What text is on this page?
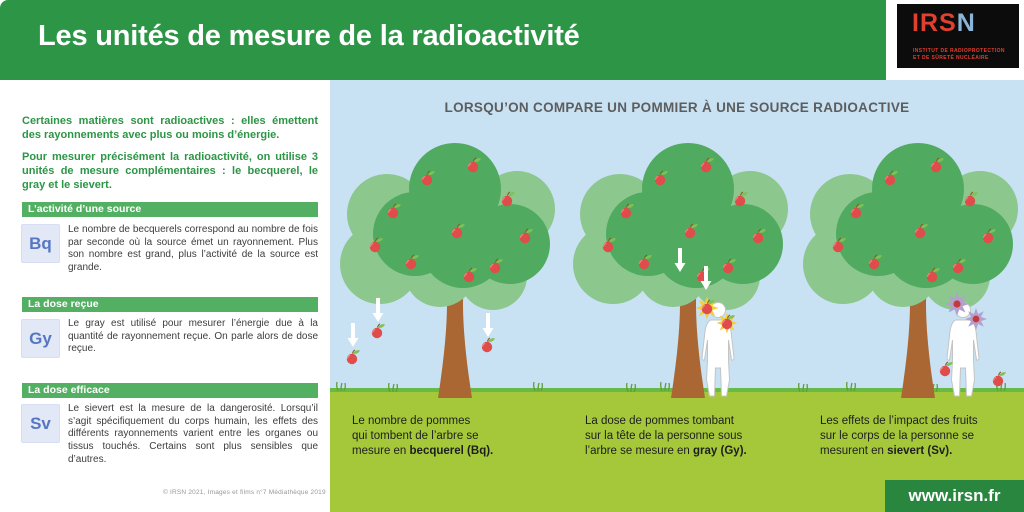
Les unités de mesure de la radioactivité	IRSN
INSTITUT DE RADIOPROTECTION
ET DE SÛRETÉ NUCLÉAIRE

Certaines matières sont radioactives : elles émettent des rayonnements avec plus ou moins d’énergie.

Pour mesurer précisément la radioactivité, on utilise 3 unités de mesure complémentaires : le becquerel, le gray et le sievert.

L’activité d’une source
Bq

Le nombre de becquerels correspond au nombre de fois par seconde où la source émet un rayonnement. Plus son nombre est grand, plus l’activité de la source est grande.

La dose reçue
Gy

Le gray est utilisé pour mesurer l’énergie due à la quantité de rayonnement reçue. On parle alors de dose reçue.

La dose efficace
Sv

Le sievert est la mesure de la dangerosité. Lorsqu’il s’agit spécifiquement du corps humain, les effets des différents rayonnements varient entre les organes ou tissus touchés. Certains sont plus sensibles que d’autres.

© IRSN 2021, Images et films n°7 Médiathèque 2019
LORSQU’ON COMPARE UN POMMIER À UNE SOURCE RADIOACTIVE
Le nombre de pommes
qui tombent de l’arbre se
mesure en becquerel (Bq).
La dose de pommes tombant
sur la tête de la personne sous
l’arbre se mesure en gray (Gy).
Les effets de l’impact des fruits
sur le corps de la personne se
mesurent en sievert (Sv).
www.irsn.fr
